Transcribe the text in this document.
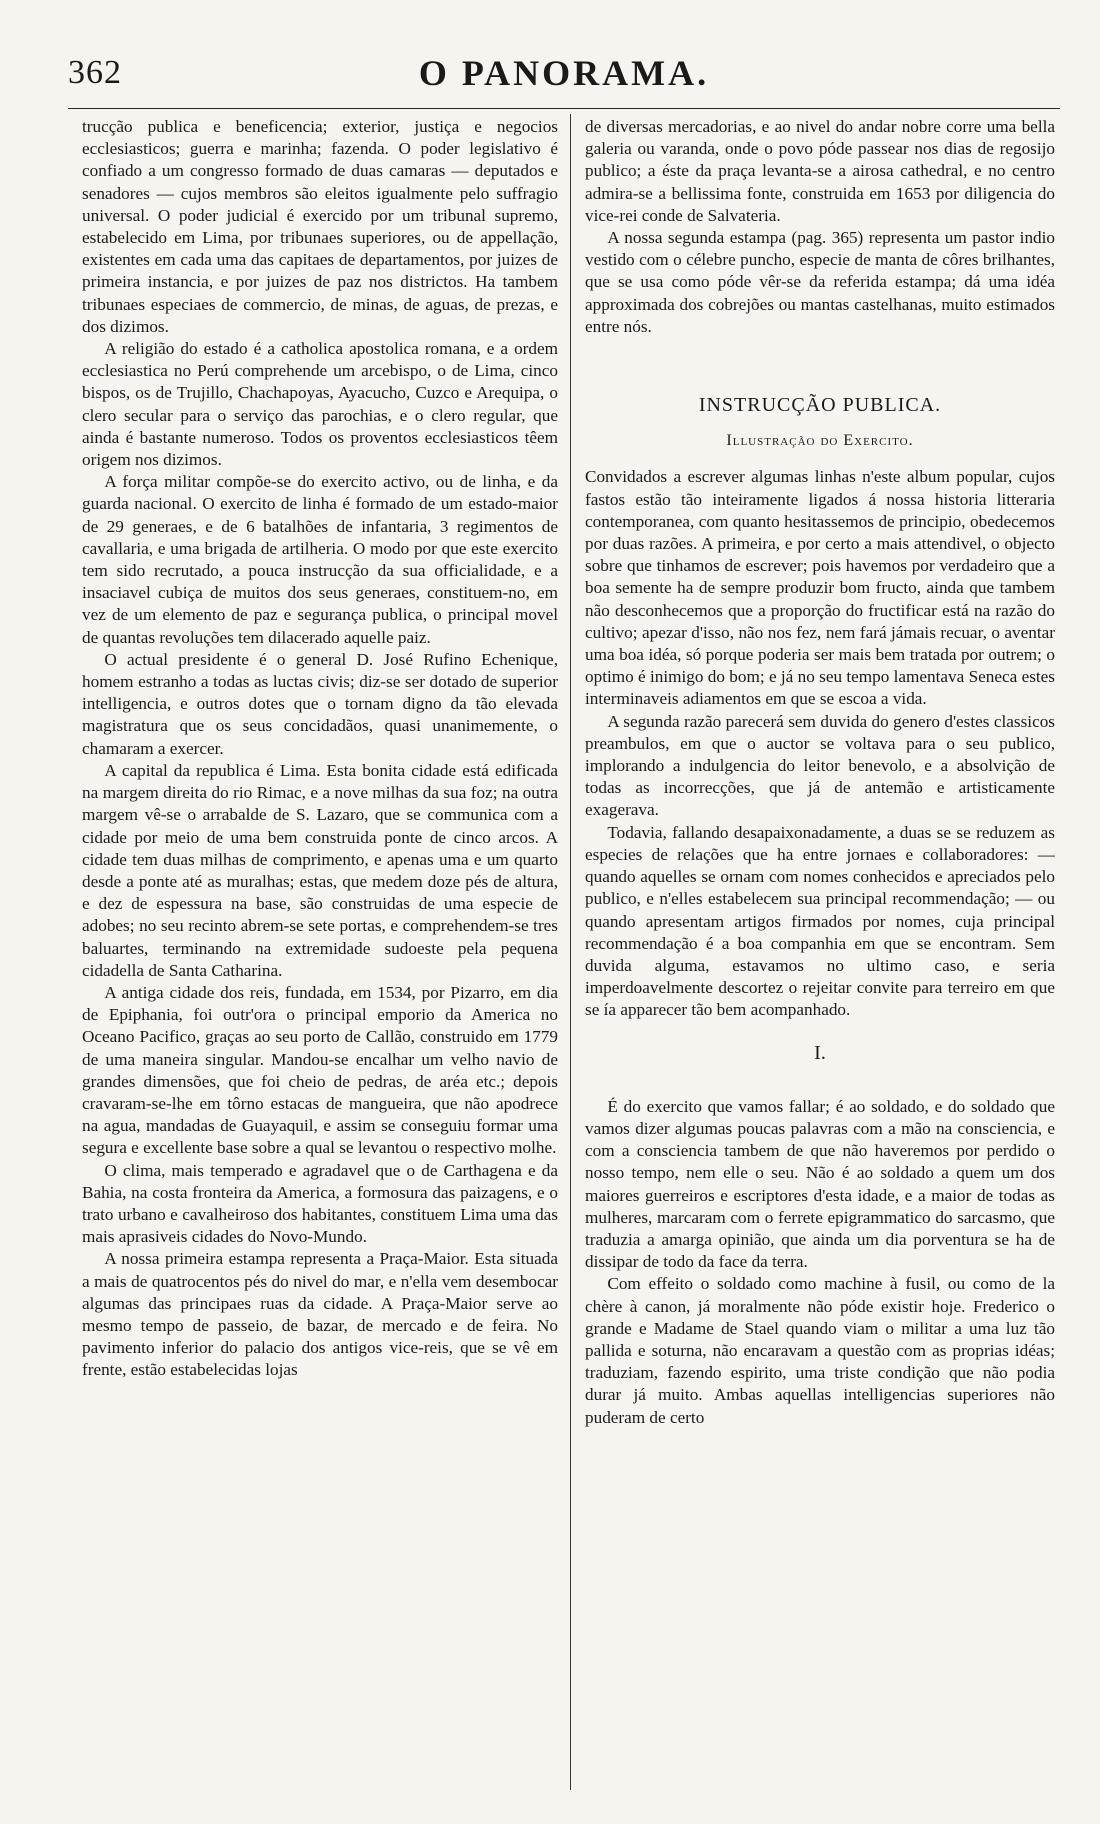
362	O PANORAMA.

trucção publica e beneficencia; exterior, justiça e negocios ecclesiasticos; guerra e marinha; fazenda. O poder legislativo é confiado a um congresso formado de duas camaras — deputados e senadores — cujos membros são eleitos igualmente pelo suffragio universal. O poder judicial é exercido por um tribunal supremo, estabelecido em Lima, por tribunaes superiores, ou de appellação, existentes em cada uma das capitaes de departamentos, por juizes de primeira instancia, e por juizes de paz nos districtos. Ha tambem tribunaes especiaes de commercio, de minas, de aguas, de prezas, e dos dizimos.

A religião do estado é a catholica apostolica romana, e a ordem ecclesiastica no Perú comprehende um arcebispo, o de Lima, cinco bispos, os de Trujillo, Chachapoyas, Ayacucho, Cuzco e Arequipa, o clero secular para o serviço das parochias, e o clero regular, que ainda é bastante numeroso. Todos os proventos ecclesiasticos têem origem nos dizimos.

A força militar compõe-se do exercito activo, ou de linha, e da guarda nacional. O exercito de linha é formado de um estado-maior de 29 generaes, e de 6 batalhões de infantaria, 3 regimentos de cavallaria, e uma brigada de artilheria. O modo por que este exercito tem sido recrutado, a pouca instrucção da sua officialidade, e a insaciavel cubiça de muitos dos seus generaes, constituem-no, em vez de um elemento de paz e segurança publica, o principal movel de quantas revoluções tem dilacerado aquelle paiz.

O actual presidente é o general D. José Rufino Echenique, homem estranho a todas as luctas civis; diz-se ser dotado de superior intelligencia, e outros dotes que o tornam digno da tão elevada magistratura que os seus concidadãos, quasi unanimemente, o chamaram a exercer.

A capital da republica é Lima. Esta bonita cidade está edificada na margem direita do rio Rimac, e a nove milhas da sua foz; na outra margem vê-se o arrabalde de S. Lazaro, que se communica com a cidade por meio de uma bem construida ponte de cinco arcos. A cidade tem duas milhas de comprimento, e apenas uma e um quarto desde a ponte até as muralhas; estas, que medem doze pés de altura, e dez de espessura na base, são construidas de uma especie de adobes; no seu recinto abrem-se sete portas, e comprehendem-se tres baluartes, terminando na extremidade sudoeste pela pequena cidadella de Santa Catharina.

A antiga cidade dos reis, fundada, em 1534, por Pizarro, em dia de Epiphania, foi outr'ora o principal emporio da America no Oceano Pacifico, graças ao seu porto de Callão, construido em 1779 de uma maneira singular. Mandou-se encalhar um velho navio de grandes dimensões, que foi cheio de pedras, de aréa etc.; depois cravaram-se-lhe em tôrno estacas de mangueira, que não apodrece na agua, mandadas de Guayaquil, e assim se conseguiu formar uma segura e excellente base sobre a qual se levantou o respectivo molhe.

O clima, mais temperado e agradavel que o de Carthagena e da Bahia, na costa fronteira da America, a formosura das paizagens, e o trato urbano e cavalheiroso dos habitantes, constituem Lima uma das mais aprasiveis cidades do Novo-Mundo.

A nossa primeira estampa representa a Praça-Maior. Esta situada a mais de quatrocentos pés do nivel do mar, e n'ella vem desembocar algumas das principaes ruas da cidade. A Praça-Maior serve ao mesmo tempo de passeio, de bazar, de mercado e de feira. No pavimento inferior do palacio dos antigos vice-reis, que se vê em frente, estão estabelecidas lojas

de diversas mercadorias, e ao nivel do andar nobre corre uma bella galeria ou varanda, onde o povo póde passear nos dias de regosijo publico; a éste da praça levanta-se a airosa cathedral, e no centro admira-se a bellissima fonte, construida em 1653 por diligencia do vice-rei conde de Salvateria.

A nossa segunda estampa (pag. 365) representa um pastor indio vestido com o célebre puncho, especie de manta de côres brilhantes, que se usa como póde vêr-se da referida estampa; dá uma idéa approximada dos cobrejões ou mantas castelhanas, muito estimados entre nós.

INSTRUCÇÃO PUBLICA.
Illustração do Exercito.

Convidados a escrever algumas linhas n'este album popular, cujos fastos estão tão inteiramente ligados á nossa historia litteraria contemporanea, com quanto hesitassemos de principio, obedecemos por duas razões. A primeira, e por certo a mais attendivel, o objecto sobre que tinhamos de escrever; pois havemos por verdadeiro que a boa semente ha de sempre produzir bom fructo, ainda que tambem não desconhecemos que a proporção do fructificar está na razão do cultivo; apezar d'isso, não nos fez, nem fará jámais recuar, o aventar uma boa idéa, só porque poderia ser mais bem tratada por outrem; o optimo é inimigo do bom; e já no seu tempo lamentava Seneca estes interminaveis adiamentos em que se escoa a vida.

A segunda razão parecerá sem duvida do genero d'estes classicos preambulos, em que o auctor se voltava para o seu publico, implorando a indulgencia do leitor benevolo, e a absolvição de todas as incorrecções, que já de antemão e artisticamente exagerava.

Todavia, fallando desapaixonadamente, a duas se se reduzem as especies de relações que ha entre jornaes e collaboradores: — quando aquelles se ornam com nomes conhecidos e apreciados pelo publico, e n'elles estabelecem sua principal recommendação; — ou quando apresentam artigos firmados por nomes, cuja principal recommendação é a boa companhia em que se encontram. Sem duvida alguma, estavamos no ultimo caso, e seria imperdoavelmente descortez o rejeitar convite para terreiro em que se ía apparecer tão bem acompanhado.

I.

É do exercito que vamos fallar; é ao soldado, e do soldado que vamos dizer algumas poucas palavras com a mão na consciencia, e com a consciencia tambem de que não haveremos por perdido o nosso tempo, nem elle o seu. Não é ao soldado a quem um dos maiores guerreiros e escriptores d'esta idade, e a maior de todas as mulheres, marcaram com o ferrete epigrammatico do sarcasmo, que traduzia a amarga opinião, que ainda um dia porventura se ha de dissipar de todo da face da terra.

Com effeito o soldado como machine à fusil, ou como de la chère à canon, já moralmente não póde existir hoje. Frederico o grande e Madame de Stael quando viam o militar a uma luz tão pallida e soturna, não encaravam a questão com as proprias idéas; traduziam, fazendo espirito, uma triste condição que não podia durar já muito. Ambas aquellas intelligencias superiores não puderam de certo
